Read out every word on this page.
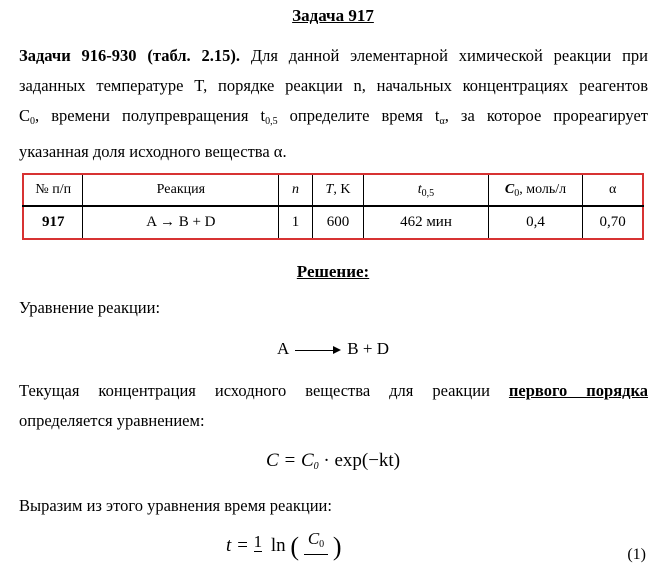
Задача 917
Задачи 916-930 (табл. 2.15). Для данной элементарной химической реакции при
заданных температуре T, порядке реакции n, начальных концентрациях реагентов
$C_0$, времени полупревращения $t_{0,5}$ определите время $t_\alpha$, за которое прореагирует
указанная доля исходного вещества α.
№ п/п	Реакция	n	T, K	$t_{0,5}$	$C_0$, моль/л	α
917	A → B + D	1	600	462 мин	0,4	0,70
Решение:
Уравнение реакции:
A	B + D
Текущая концентрация исходного вещества для реакции первого порядка
определяется уравнением:
$C = C_0 \cdot \exp(-kt)$
Выразим из этого уравнения время реакции:
t = 1 ln ( $C_0$ )	(1)
